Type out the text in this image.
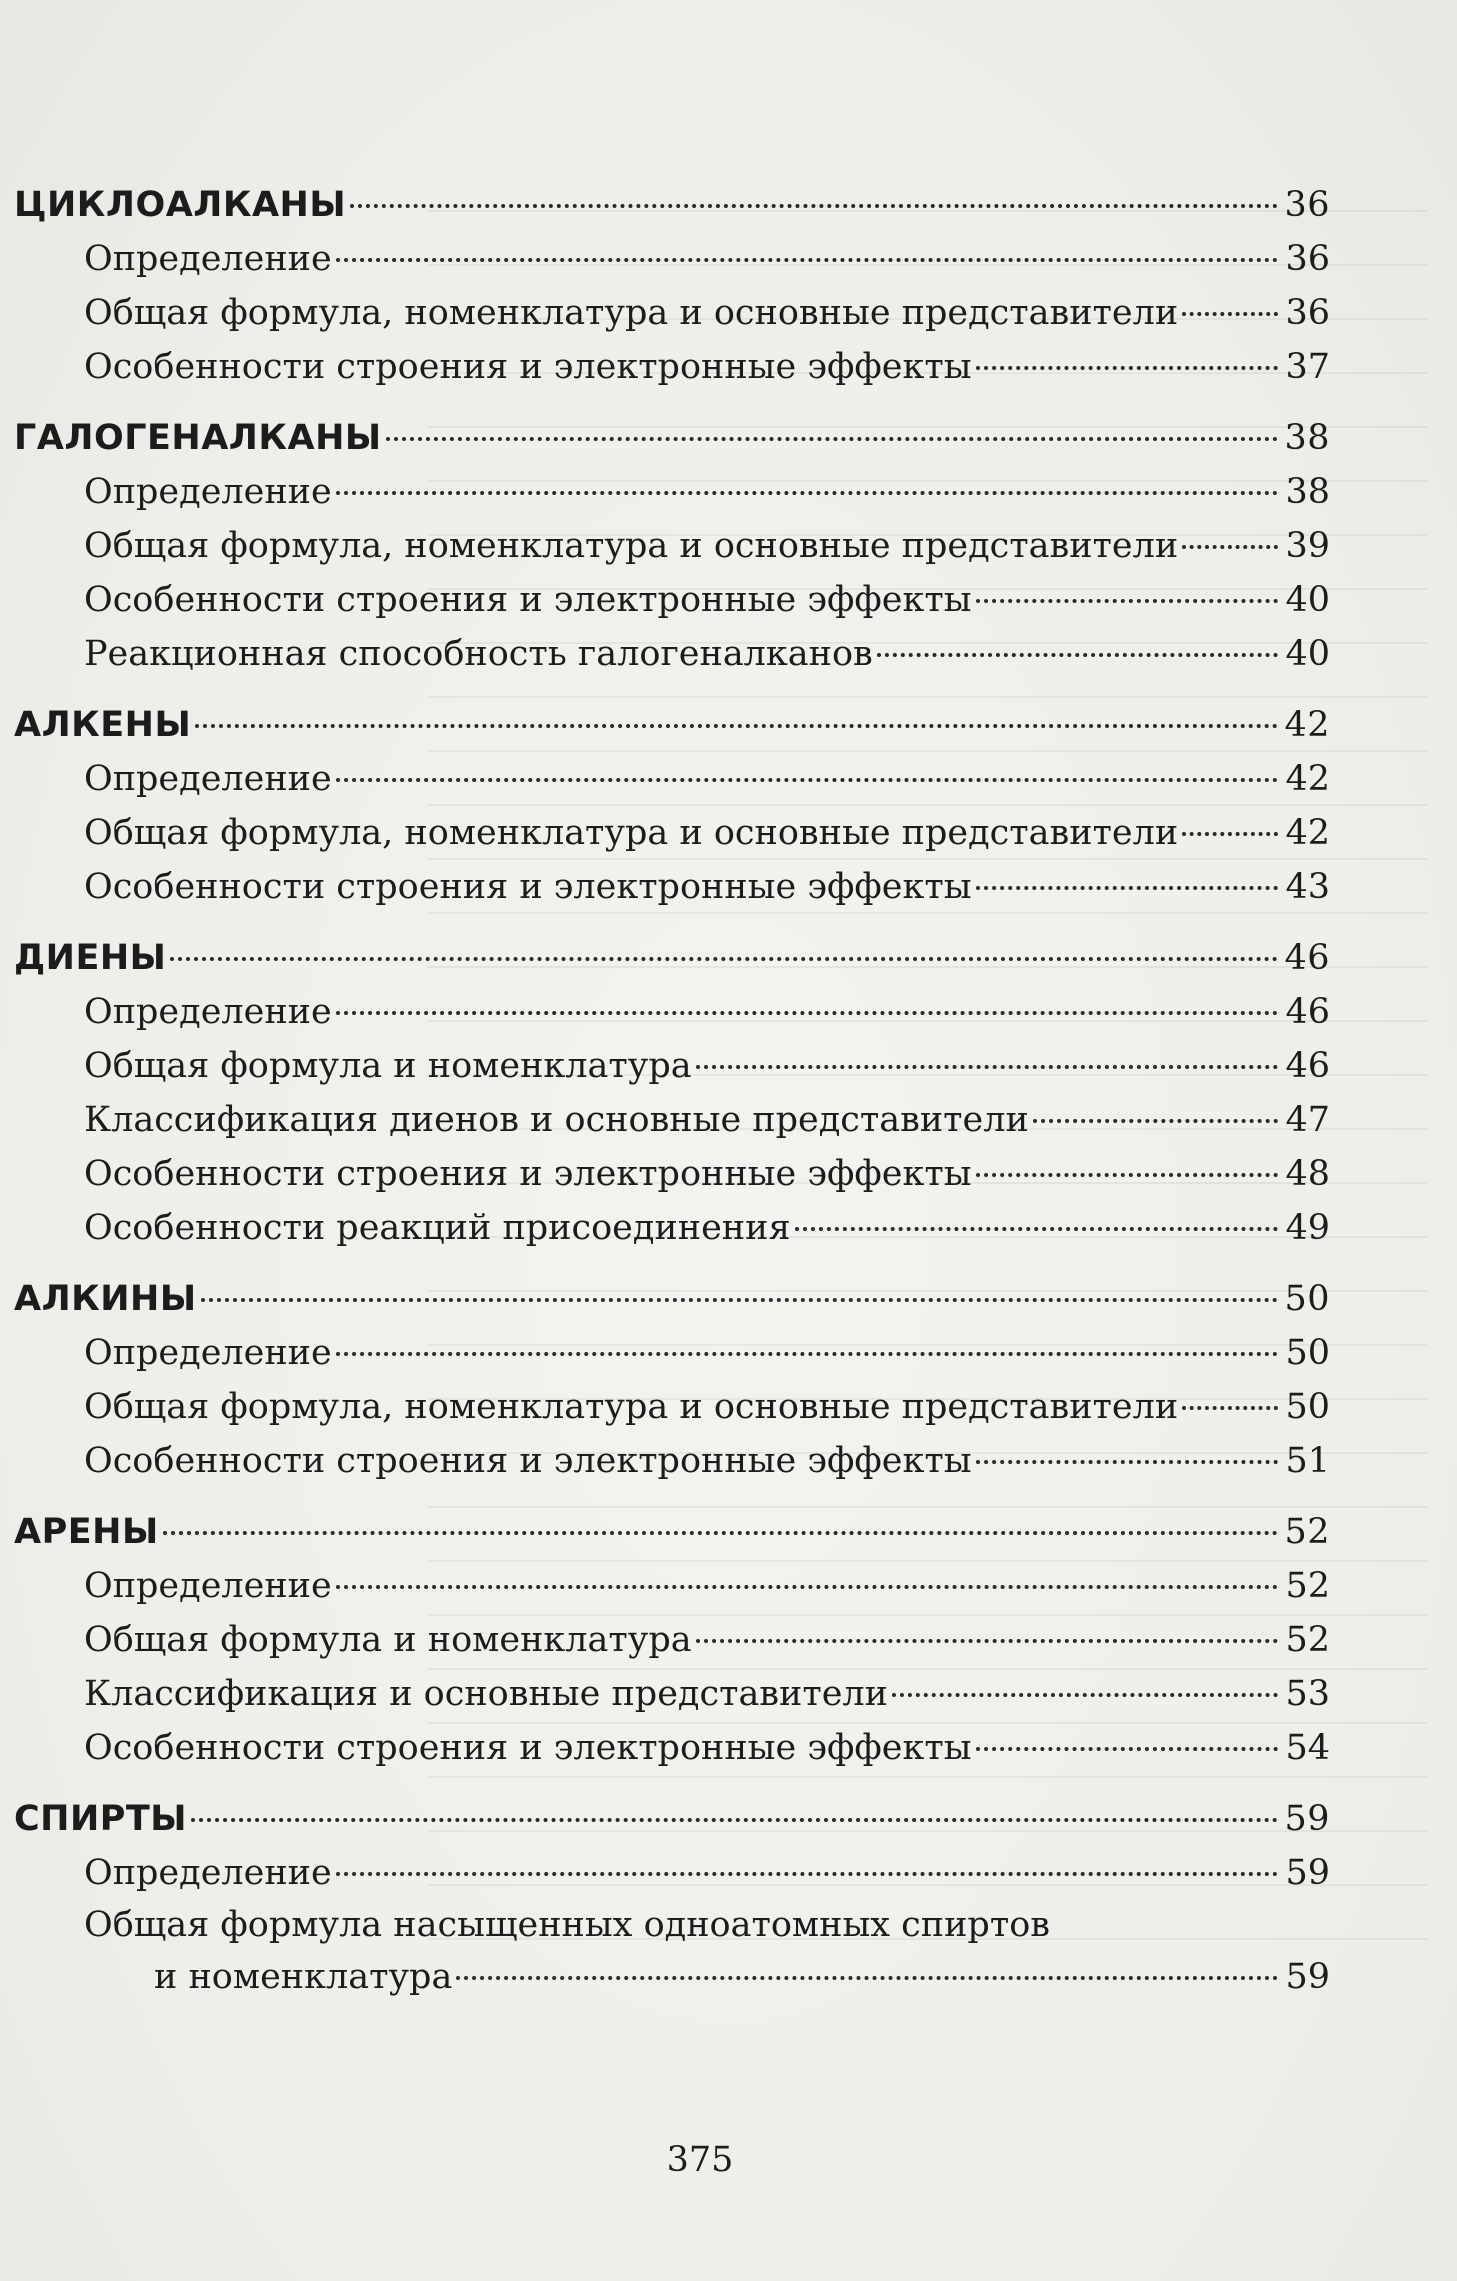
ЦИКЛОАЛКАНЫ	36
Определение	36
Общая формула, номенклатура и основные представители	36
Особенности строения и электронные эффекты	37
ГАЛОГЕНАЛКАНЫ	38
Определение	38
Общая формула, номенклатура и основные представители	39
Особенности строения и электронные эффекты	40
Реакционная способность галогеналканов	40
АЛКЕНЫ	42
Определение	42
Общая формула, номенклатура и основные представители	42
Особенности строения и электронные эффекты	43
ДИЕНЫ	46
Определение	46
Общая формула и номенклатура	46
Классификация диенов и основные представители	47
Особенности строения и электронные эффекты	48
Особенности реакций присоединения	49
АЛКИНЫ	50
Определение	50
Общая формула, номенклатура и основные представители	50
Особенности строения и электронные эффекты	51
АРЕНЫ	52
Определение	52
Общая формула и номенклатура	52
Классификация и основные представители	53
Особенности строения и электронные эффекты	54
СПИРТЫ	59
Определение	59
Общая формула насыщенных одноатомных спиртов
и номенклатура	59
375
